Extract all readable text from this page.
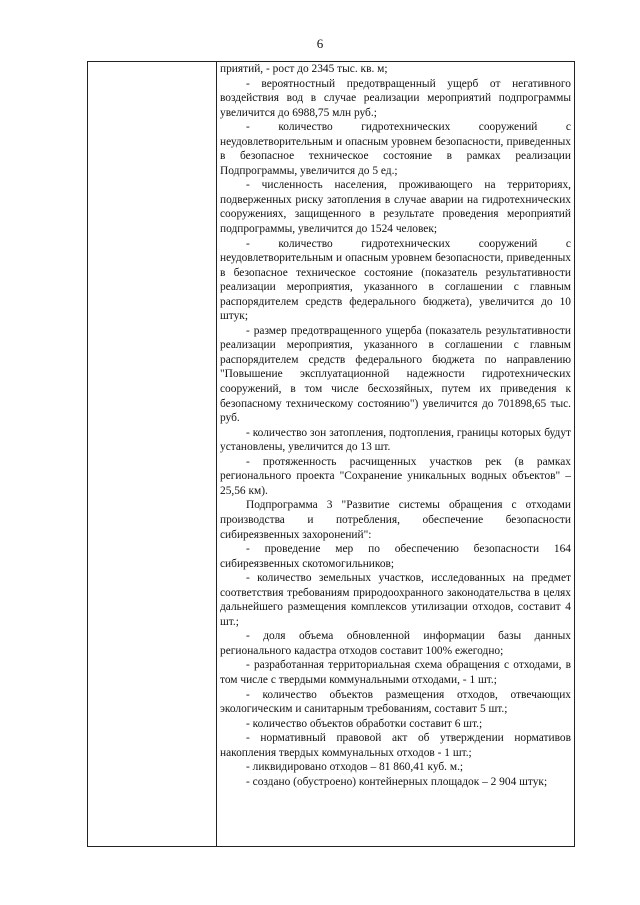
6

приятий, - рост до 2345 тыс. кв. м;

- вероятностный предотвращенный ущерб от негативного воздействия вод в случае реализации мероприятий подпрограммы увеличится до 6988,75 млн руб.;

- количество гидротехнических сооружений с неудовлетворительным и опасным уровнем безопасности, приведенных в безопасное техническое состояние в рамках реализации Подпрограммы, увеличится до 5 ед.;

- численность населения, проживающего на территориях, подверженных риску затопления в случае аварии на гидротехнических сооружениях, защищенного в результате проведения мероприятий подпрограммы, увеличится до 1524 человек;

- количество гидротехнических сооружений с неудовлетворительным и опасным уровнем безопасности, приведенных в безопасное техническое состояние (показатель результативности реализации мероприятия, указанного в соглашении с главным распорядителем средств федерального бюджета), увеличится до 10 штук;

- размер предотвращенного ущерба (показатель результативности реализации мероприятия, указанного в соглашении с главным распорядителем средств федерального бюджета по направлению "Повышение эксплуатационной надежности гидротехнических сооружений, в том числе бесхозяйных, путем их приведения к безопасному техническому состоянию") увеличится до 701898,65 тыс. руб.

- количество зон затопления, подтопления, границы которых будут установлены, увеличится до 13 шт.

- протяженность расчищенных участков рек (в рамках регионального проекта "Сохранение уникальных водных объектов" – 25,56 км).

Подпрограмма 3 "Развитие системы обращения с отходами производства и потребления, обеспечение безопасности сибиреязвенных захоронений":

- проведение мер по обеспечению безопасности 164 сибиреязвенных скотомогильников;

- количество земельных участков, исследованных на предмет соответствия требованиям природоохранного законодательства в целях дальнейшего размещения комплексов утилизации отходов, составит 4 шт.;

- доля объема обновленной информации базы данных регионального кадастра отходов составит 100% ежегодно;

- разработанная территориальная схема обращения с отходами, в том числе с твердыми коммунальными отходами, - 1 шт.;

- количество объектов размещения отходов, отвечающих экологическим и санитарным требованиям, составит 5 шт.;

- количество объектов обработки составит 6 шт.;

- нормативный правовой акт об утверждении нормативов накопления твердых коммунальных отходов - 1 шт.;

- ликвидировано отходов – 81 860,41 куб. м.;

- создано (обустроено) контейнерных площадок – 2 904 штук;
